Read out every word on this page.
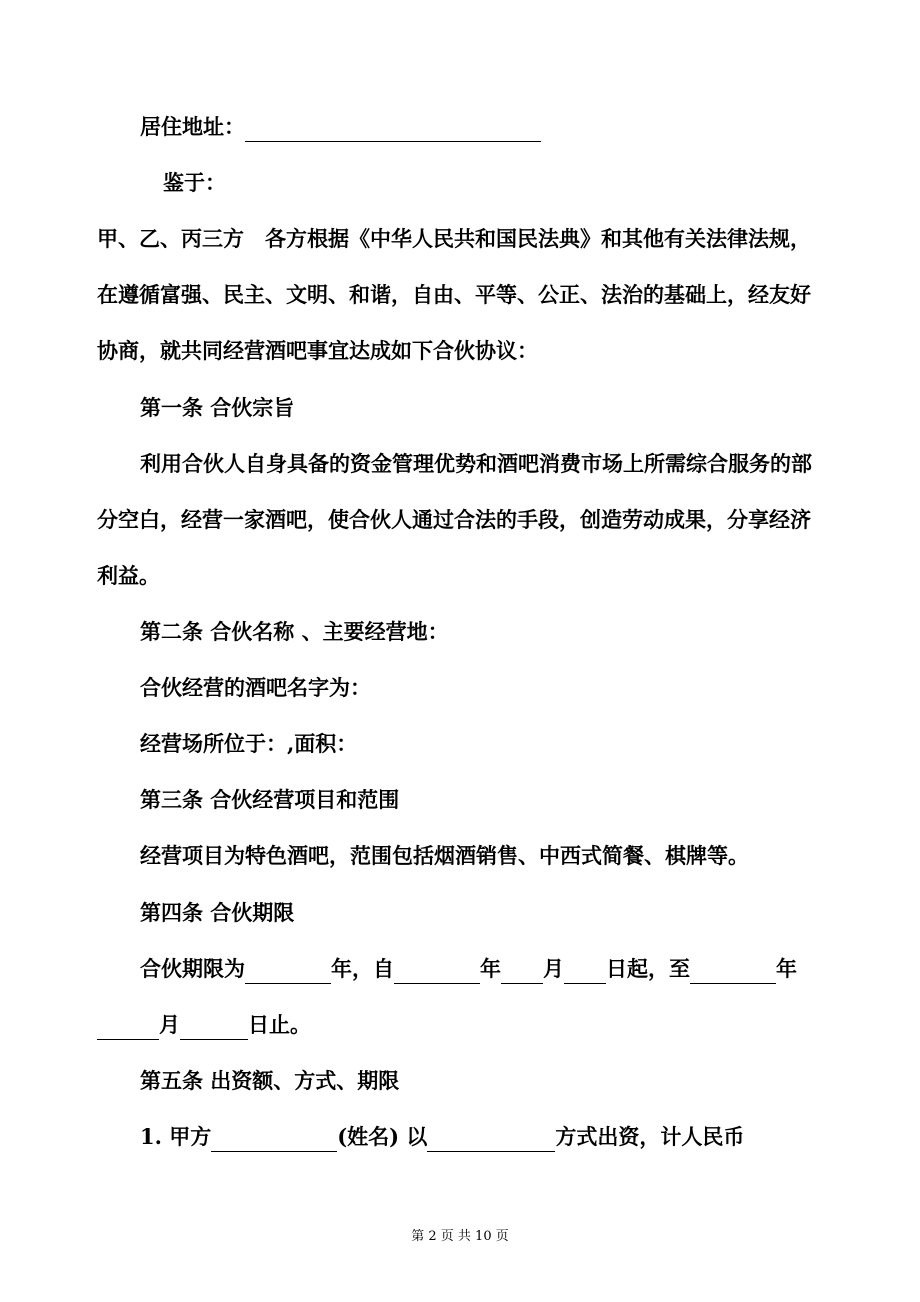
居住地址：
鉴于：
甲、乙、丙三方　各方根据《中华人民共和国民法典》和其他有关法律法规，
在遵循富强、民主、文明、和谐，自由、平等、公正、法治的基础上，经友好
协商，就共同经营酒吧事宜达成如下合伙协议：
第一条 合伙宗旨
利用合伙人自身具备的资金管理优势和酒吧消费市场上所需综合服务的部
分空白，经营一家酒吧，使合伙人通过合法的手段，创造劳动成果，分享经济
利益。
第二条 合伙名称 、主要经营地：
合伙经营的酒吧名字为：
经营场所位于：,面积：
第三条 合伙经营项目和范围
经营项目为特色酒吧，范围包括烟酒销售、中西式简餐、棋牌等。
第四条 合伙期限
合伙期限为	年，自	年 月 日起，至	年
月	日止。
第五条 出资额、方式、期限
1. 甲方	(姓名) 以	方式出资，计人民币
第 2 页 共 10 页
